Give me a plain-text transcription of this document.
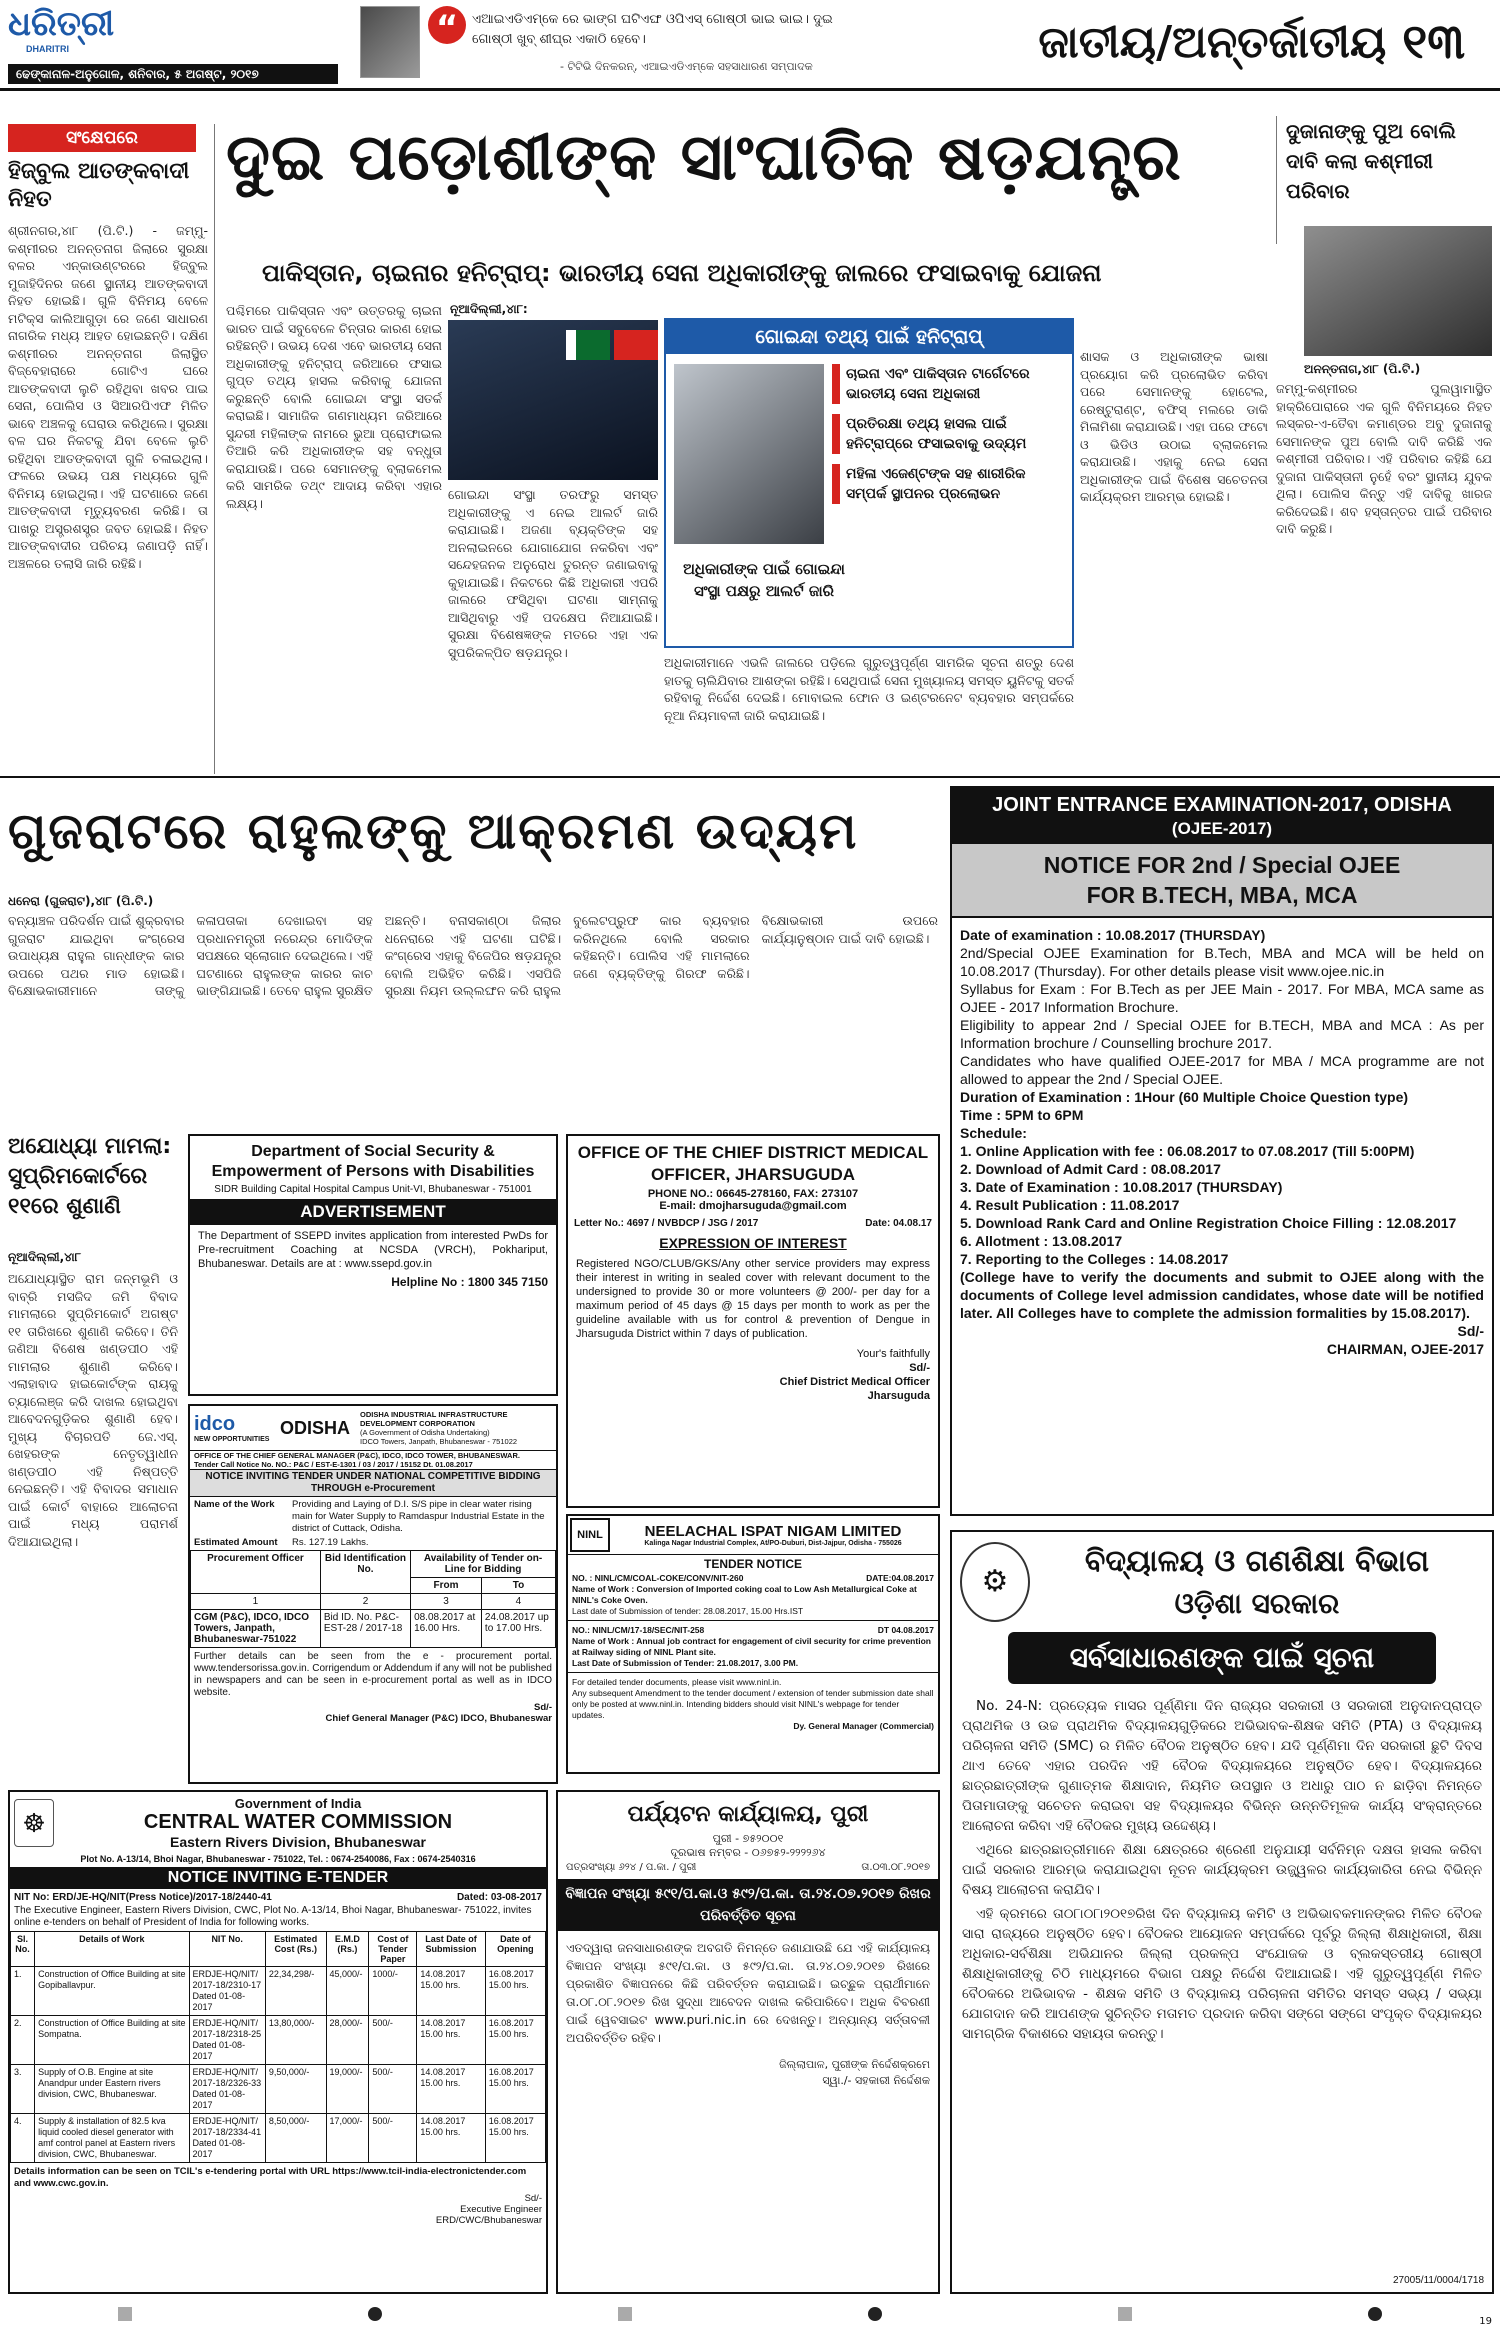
ଧରିତ୍ରୀ
DHARITRI
ଢେଙ୍କାନାଳ-ଅନୁଗୋଳ, ଶନିବାର, ୫ ଅଗଷ୍ଟ, ୨୦୧୭
“	ଏଆଇଏଡିଏମ୍‌କେ ରେ ଭାଙ୍ଗ ଘଟିଏଙ୍ଘ ଓପିଏସ୍ ଗୋଷ୍ଠୀ ଭାଇ ଭାଇ। ଦୁଇ ଗୋଷ୍ଠୀ ଖୁବ୍ ଶୀଘ୍ର ଏକାଠି ହେବେ।
- ଟିଟିଭି ଦିନକରନ୍, ଏଆଇଏଡିଏମ୍‌କେ ସହସାଧାରଣ ସମ୍ପାଦକ	ଜାତୀୟ/ଅନ୍ତର୍ଜାତୀୟ ୧୩
ସଂକ୍ଷେପରେ
ହିଜ୍‌ବୁଲ ଆତଙ୍କବାଦୀ ନିହତ
ଶ୍ରୀନଗର,୪ା୮ (ପି.ଟି.) - ଜମ୍ମୁ-କଶ୍ମୀରର ଅନନ୍ତନାଗ ଜିଲାରେ ସୁରକ୍ଷା ବଳର ଏନ୍‌କାଉଣ୍ଟରରେ ହିଜ୍‌ବୁଲ ମୁଜାହିଦିନର ଜଣେ ସ୍ଥାନୀୟ ଆତଙ୍କବାଦୀ ନିହତ ହୋଇଛି। ଗୁଳି ବିନିମୟ ବେଳେ ମଟିକ୍ସ କାଲିଆଗୁଡ଼ା ରେ ଜଣେ ସାଧାରଣ ନାଗରିକ ମଧ୍ୟ ଆହତ ହୋଇଛନ୍ତି। ଦକ୍ଷିଣ କଶ୍ମୀରର ଅନନ୍ତନାଗ ଜିଲାସ୍ଥିତ ବିଜ୍‌ବେହାରାରେ ଗୋଟିଏ ଘରେ ଆତଙ୍କବାଦୀ ଲୁଚି ରହିଥିବା ଖବର ପାଇ ସେନା, ପୋଲିସ ଓ ସିଆରପିଏଫ ମିଳିତ ଭାବେ ଅଞ୍ଚଳକୁ ଘେରାଉ କରିଥିଲେ। ସୁରକ୍ଷା ବଳ ଘର ନିକଟକୁ ଯିବା ବେଳେ ଲୁଚି ରହିଥିବା ଆତଙ୍କବାଦୀ ଗୁଳି ଚଳାଇଥିଲା। ଫଳରେ ଉଭୟ ପକ୍ଷ ମଧ୍ୟରେ ଗୁଳି ବିନିମୟ ହୋଇଥିଲା। ଏହି ଘଟଣାରେ ଜଣେ ଆତଙ୍କବାଦୀ ମୃତ୍ୟୁବରଣ କରିଛି। ତା ପାଖରୁ ଅସ୍ତ୍ରଶସ୍ତ୍ର ଜବତ ହୋଇଛି। ନିହତ ଆତଙ୍କବାଦୀର ପରିଚୟ ଜଣାପଡ଼ି ନାହିଁ। ଅଞ୍ଚଳରେ ତଲାସି ଜାରି ରହିଛି।
ଦୁଇ ପଡ଼ୋଶୀଙ୍କ ସାଂଘାତିକ ଷଡ଼ଯନ୍ତ୍ର
ପାକିସ୍ତାନ, ଚାଇନାର ହନିଟ୍ରାପ୍: ଭାରତୀୟ ସେନା ଅଧିକାରୀଙ୍କୁ ଜାଲରେ ଫସାଇବାକୁ ଯୋଜନା
ନୂଆଦିଲ୍ଲୀ,୪ା୮:
ପଶ୍ଚିମରେ ପାକିସ୍ତାନ ଏବଂ ଉତ୍ତରକୁ ଚାଇନା ଭାରତ ପାଇଁ ସବୁବେଳେ ଚିନ୍ତାର କାରଣ ହୋଇ ରହିଛନ୍ତି। ଉଭୟ ଦେଶ ଏବେ ଭାରତୀୟ ସେନା ଅଧିକାରୀଙ୍କୁ ହନିଟ୍ରାପ୍ ଜରିଆରେ ଫସାଇ ଗୁପ୍ତ ତଥ୍ୟ ହାସଲ କରିବାକୁ ଯୋଜନା କରୁଛନ୍ତି ବୋଲି ଗୋଇନ୍ଦା ସଂସ୍ଥା ସତର୍କ କରାଇଛି। ସାମାଜିକ ଗଣମାଧ୍ୟମ ଜରିଆରେ ସୁନ୍ଦରୀ ମହିଳାଙ୍କ ନାମରେ ଭୁଆ ପ୍ରୋଫାଇଲ ତିଆରି କରି ଅଧିକାରୀଙ୍କ ସହ ବନ୍ଧୁତା କରାଯାଉଛି। ପରେ ସେମାନଙ୍କୁ ବ୍ଲାକମେଲ କରି ସାମରିକ ତଥ୍୯ ଆଦାୟ କରିବା ଏହାର ଲକ୍ଷ୍ୟ।
ଗୋଇନ୍ଦା ସଂସ୍ଥା ତରଫରୁ ସମସ୍ତ ଅଧିକାରୀଙ୍କୁ ଏ ନେଇ ଆଲର୍ଟ ଜାରି କରାଯାଇଛି। ଅଜଣା ବ୍ୟକ୍ତିଙ୍କ ସହ ଅନଲାଇନରେ ଯୋଗାଯୋଗ ନକରିବା ଏବଂ ସନ୍ଦେହଜନକ ଅନୁରୋଧ ତୁରନ୍ତ ଜଣାଇବାକୁ କୁହାଯାଇଛି। ନିକଟରେ କିଛି ଅଧିକାରୀ ଏପରି ଜାଲରେ ଫସିଥିବା ଘଟଣା ସାମ୍ନାକୁ ଆସିଥିବାରୁ ଏହି ପଦକ୍ଷେପ ନିଆଯାଇଛି। ସୁରକ୍ଷା ବିଶେଷଜ୍ଞଙ୍କ ମତରେ ଏହା ଏକ ସୁପରିକଳ୍ପିତ ଷଡ଼ଯନ୍ତ୍ର।
ଅଧିକାରୀମାନେ ଏଭଳି ଜାଲରେ ପଡ଼ିଲେ ଗୁରୁତ୍ୱପୂର୍ଣ୍ଣ ସାମରିକ ସୂଚନା ଶତ୍ରୁ ଦେଶ ହାତକୁ ଚାଲିଯିବାର ଆଶଙ୍କା ରହିଛି। ସେଥିପାଇଁ ସେନା ମୁଖ୍ୟାଳୟ ସମସ୍ତ ୟୁନିଟକୁ ସତର୍କ ରହିବାକୁ ନିର୍ଦ୍ଦେଶ ଦେଇଛି। ମୋବାଇଲ ଫୋନ ଓ ଇଣ୍ଟରନେଟ ବ୍ୟବହାର ସମ୍ପର୍କରେ ନୂଆ ନିୟମାବଳୀ ଜାରି କରାଯାଇଛି।
ଗୋଇନ୍ଦା ତଥ୍ୟ ପାଇଁ ହନିଟ୍ରାପ୍
ଚାଇନା ଏବଂ ପାକିସ୍ତାନ ଟାର୍ଗେଟରେ ଭାରତୀୟ ସେନା ଅଧିକାରୀ
ପ୍ରତିରକ୍ଷା ତଥ୍ୟ ହାସଲ ପାଇଁ ହନିଟ୍ରାପ୍‌ରେ ଫସାଇବାକୁ ଉଦ୍ୟମ
ମହିଳା ଏଜେଣ୍ଟଙ୍କ ସହ ଶାରୀରିକ ସମ୍ପର୍କ ସ୍ଥାପନର ପ୍ରଲୋଭନ
ଅଧିକାରୀଙ୍କ ପାଇଁ ଗୋଇନ୍ଦା ସଂସ୍ଥା ପକ୍ଷରୁ ଆଲର୍ଟ ଜାରି
ଶାସକ ଓ ଅଧିକାରୀଙ୍କ ଭାଷା ପ୍ରୟୋଗ କରି ପ୍ରଲୋଭିତ କରିବା ପରେ ସେମାନଙ୍କୁ ହୋଟେଲ, ରେଷ୍ଟୁରାଣ୍ଟ, ବଫିସ୍ ମଲରେ ଡାକି ମିଳାମିଶା କରାଯାଉଛି। ଏହା ପରେ ଫଟୋ ଓ ଭିଡିଓ ଉଠାଇ ବ୍ଲାକମେଲ କରାଯାଉଛି। ଏହାକୁ ନେଇ ସେନା ଅଧିକାରୀଙ୍କ ପାଇଁ ବିଶେଷ ସଚେତନତା କାର୍ଯ୍ୟକ୍ରମ ଆରମ୍ଭ ହୋଇଛି।
ଦୁଜାନାଙ୍କୁ ପୁଅ ବୋଲି ଦାବି କଲା କଶ୍ମୀରୀ ପରିବାର
ଅନନ୍ତନାଗ,୪ା୮ (ପି.ଟି.)
ଜମ୍ମୁ-କଶ୍ମୀରର ପୁଲୱାମାସ୍ଥିତ ହାକ୍ରିପୋରାରେ ଏକ ଗୁଳି ବିନିମୟରେ ନିହତ ଲସ୍କର-ଏ-ତୈବା କମାଣ୍ଡର ଅବୁ ଦୁଜାନାକୁ ସେମାନଙ୍କ ପୁଅ ବୋଲି ଦାବି କରିଛି ଏକ କଶ୍ମୀରୀ ପରିବାର। ଏହି ପରିବାର କହିଛି ଯେ ଦୁଜାନା ପାକିସ୍ତାନୀ ନୁହେଁ ବରଂ ସ୍ଥାନୀୟ ଯୁବକ ଥିଲା। ପୋଲିସ କିନ୍ତୁ ଏହି ଦାବିକୁ ଖାରଜ କରିଦେଇଛି। ଶବ ହସ୍ତାନ୍ତର ପାଇଁ ପରିବାର ଦାବି କରୁଛି।
ଗୁଜରାଟରେ ରାହୁଲଙ୍କୁ ଆକ୍ରମଣ ଉଦ୍ୟମ
ଧନେରା (ଗୁଜରାଟ),୪ା୮ (ପି.ଟି.)
ବନ୍ୟାଞ୍ଚଳ ପରିଦର୍ଶନ ପାଇଁ ଶୁକ୍ରବାର ଗୁଜରାଟ ଯାଇଥିବା କଂଗ୍ରେସ ଉପାଧ୍ୟକ୍ଷ ରାହୁଲ ଗାନ୍ଧୀଙ୍କ କାର ଉପରେ ପଥର ମାଡ ହୋଇଛି। ବିକ୍ଷୋଭକାରୀମାନେ ତାଙ୍କୁ କଳାପତାକା ଦେଖାଇବା ସହ ପ୍ରଧାନମନ୍ତ୍ରୀ ନରେନ୍ଦ୍ର ମୋଦିଙ୍କ ସପକ୍ଷରେ ସ୍ଲୋଗାନ ଦେଇଥିଲେ। ଏହି ଘଟଣାରେ ରାହୁଲଙ୍କ କାରର କାଚ ଭାଙ୍ଗିଯାଇଛି। ତେବେ ରାହୁଲ ସୁରକ୍ଷିତ ଅଛନ୍ତି। ବନାସକାଣ୍ଠା ଜିଲାର ଧନେରାରେ ଏହି ଘଟଣା ଘଟିଛି। କଂଗ୍ରେସ ଏହାକୁ ବିଜେପିର ଷଡ଼ଯନ୍ତ୍ର ବୋଲି ଅଭିହିତ କରିଛି। ଏସପିଜି ସୁରକ୍ଷା ନିୟମ ଉଲ୍ଲଙ୍ଘନ କରି ରାହୁଲ ବୁଲେଟପ୍ରୁଫ କାର ବ୍ୟବହାର କରିନଥିଲେ ବୋଲି ସରକାର କହିଛନ୍ତି। ପୋଲିସ ଏହି ମାମଲାରେ ଜଣେ ବ୍ୟକ୍ତିଙ୍କୁ ଗିରଫ କରିଛି। ବିକ୍ଷୋଭକାରୀ ଉପରେ କାର୍ଯ୍ୟାନୁଷ୍ଠାନ ପାଇଁ ଦାବି ହୋଇଛି।
ଅଯୋଧ୍ୟା ମାମଲା: ସୁପ୍ରିମକୋର୍ଟରେ ୧୧ରେ ଶୁଣାଣି
ନୂଆଦିଲ୍ଲୀ,୪ା୮
ଅଯୋଧ୍ୟାସ୍ଥିତ ରାମ ଜନ୍ମଭୂମି ଓ ବାବ୍ରି ମସଜିଦ ଜମି ବିବାଦ ମାମଲାରେ ସୁପ୍ରିମକୋର୍ଟ ଅଗଷ୍ଟ ୧୧ ତାରିଖରେ ଶୁଣାଣି କରିବେ। ତିନି ଜଣିଆ ବିଶେଷ ଖଣ୍ଡପୀଠ ଏହି ମାମଲାର ଶୁଣାଣି କରିବେ। ଏଲାହାବାଦ ହାଇକୋର୍ଟଙ୍କ ରାୟକୁ ଚ୍ୟାଲେଞ୍ଜ କରି ଦାଖଲ ହୋଇଥିବା ଆବେଦନଗୁଡ଼ିକର ଶୁଣାଣି ହେବ। ମୁଖ୍ୟ ବିଚାରପତି ଜେ.ଏସ୍. ଖେହରଙ୍କ ନେତୃତ୍ୱାଧୀନ ଖଣ୍ଡପୀଠ ଏହି ନିଷ୍ପତ୍ତି ନେଇଛନ୍ତି। ଏହି ବିବାଦର ସମାଧାନ ପାଇଁ କୋର୍ଟ ବାହାରେ ଆଲୋଚନା ପାଇଁ ମଧ୍ୟ ପରାମର୍ଶ ଦିଆଯାଇଥିଲା।
Department of Social Security & Empowerment of Persons with Disabilities
SIDR Building Capital Hospital Campus Unit-VI, Bhubaneswar - 751001
ADVERTISEMENT
The Department of SSEPD invites application from interested PwDs for Pre-recruitment Coaching at NCSDA (VRCH), Pokhariput, Bhubaneswar. Details are at : www.ssepd.gov.in
Helpline No : 1800 345 7150
OFFICE OF THE CHIEF DISTRICT MEDICAL OFFICER, JHARSUGUDA
PHONE NO.: 06645-278160, FAX: 273107
E-mail: dmojharsuguda@gmail.com
Letter No.: 4697 / NVBDCP / JSG / 2017	Date: 04.08.17
EXPRESSION OF INTEREST
Registered NGO/CLUB/GKS/Any other service providers may express their interest in writing in sealed cover with relevant document to the undersigned to provide 30 or more volunteers @ 200/- per day for a maximum period of 45 days @ 15 days per month to work as per the guideline available with us for control & prevention of Dengue in Jharsuguda District within 7 days of publication.
Your's faithfully
Sd/-
Chief District Medical Officer
Jharsuguda
idco
NEW OPPORTUNITIES
ODISHA
ODISHA INDUSTRIAL INFRASTRUCTURE DEVELOPMENT CORPORATION
(A Government of Odisha Undertaking)
IDCO Towers, Janpath, Bhubaneswar - 751022
OFFICE OF THE CHIEF GENERAL MANAGER (P&C), IDCO, IDCO TOWER, BHUBANESWAR.
Tender Call Notice No. NO.: P&C / EST-E-1301 / 03 / 2017 / 15152 Dt. 01.08.2017
NOTICE INVITING TENDER UNDER NATIONAL COMPETITIVE BIDDING THROUGH e-Procurement
Name of the Work	Providing and Laying of D.I. S/S pipe in clear water rising main for Water Supply to Ramdaspur Industrial Estate in the district of Cuttack, Odisha.
Estimated Amount	Rs. 127.19 Lakhs.
Procurement Officer	Bid Identification No.	Availability of Tender on-Line for Bidding	
		From	To
1	2	3	4
CGM (P&C), IDCO, IDCO Towers, Janpath, Bhubaneswar-751022	Bid ID. No. P&C-EST-28 / 2017-18	08.08.2017 at 16.00 Hrs.	24.08.2017 up to 17.00 Hrs.
Further details can be seen from the e - procurement portal. www.tendersorissa.gov.in. Corrigendum or Addendum if any will not be published in newspapers and can be seen in e-procurement portal as well as in IDCO website.
Sd/-
Chief General Manager (P&C) IDCO, Bhubaneswar
NINL	NEELACHAL ISPAT NIGAM LIMITED
Kalinga Nagar Industrial Complex, At/PO-Duburi, Dist-Jajpur, Odisha - 755026
TENDER NOTICE
NO. : NINL/CM/COAL-COKE/CONV/NIT-260	DATE:04.08.2017
Name of Work : Conversion of Imported coking coal to Low Ash Metallurgical Coke at NINL's Coke Oven.
Last date of Submission of tender: 28.08.2017, 15.00 Hrs.IST
NO.: NINL/CM/17-18/SEC/NIT-258	DT 04.08.2017
Name of Work : Annual job contract for engagement of civil security for crime prevention at Railway siding of NINL Plant site.
Last Date of Submission of Tender: 21.08.2017, 3.00 PM.
For detailed tender documents, please visit www.ninl.in.
Any subsequent Amendment to the tender document / extension of tender submission date shall only be posted at www.ninl.in. Intending bidders should visit NINL's webpage for tender updates.
Dy. General Manager (Commercial)
JOINT ENTRANCE EXAMINATION-2017, ODISHA
(OJEE-2017)
NOTICE FOR 2nd / Special OJEE
FOR B.TECH, MBA, MCA
Date of examination : 10.08.2017 (THURSDAY)
2nd/Special OJEE Examination for B.Tech, MBA and MCA will be held on 10.08.2017 (Thursday). For other details please visit www.ojee.nic.in
Syllabus for Exam : For B.Tech as per JEE Main - 2017. For MBA, MCA same as OJEE - 2017 Information Brochure.
Eligibility to appear 2nd / Special OJEE for B.TECH, MBA and MCA : As per Information brochure / Counselling brochure 2017.
Candidates who have qualified OJEE-2017 for MBA / MCA programme are not allowed to appear the 2nd / Special OJEE.
Duration of Examination : 1Hour (60 Multiple Choice Question type)
Time : 5PM to 6PM
Schedule:
1. Online Application with fee : 06.08.2017 to 07.08.2017 (Till 5:00PM)
2. Download of Admit Card : 08.08.2017
3. Date of Examination : 10.08.2017 (THURSDAY)
4. Result Publication : 11.08.2017
5. Download Rank Card and Online Registration Choice Filling : 12.08.2017
6. Allotment : 13.08.2017
7. Reporting to the Colleges : 14.08.2017
(College have to verify the documents and submit to OJEE along with the documents of College level admission candidates, whose date will be notified later. All Colleges have to complete the admission formalities by 15.08.2017).
Sd/-
CHAIRMAN, OJEE-2017
☸
Government of India
CENTRAL WATER COMMISSION
Eastern Rivers Division, Bhubaneswar
Plot No. A-13/14, Bhoi Nagar, Bhubaneswar - 751022, Tel. : 0674-2540086, Fax : 0674-2540316
NOTICE INVITING E-TENDER
NIT No: ERD/JE-HQ/NIT(Press Notice)/2017-18/2440-41	Dated: 03-08-2017
The Executive Engineer, Eastern Rivers Division, CWC, Plot No. A-13/14, Bhoi Nagar, Bhubaneswar- 751022, invites online e-tenders on behalf of President of India for following works.
Sl. No.	Details of Work	NIT No.	Estimated Cost (Rs.)	E.M.D (Rs.)	Cost of Tender Paper	Last Date of Submission	Date of Opening
1.	Construction of Office Building at site Gopiballavpur.	ERDJE-HQ/NIT/ 2017-18/2310-17 Dated 01-08-2017	22,34,298/-	45,000/-	1000/-	14.08.2017 15.00 hrs.	16.08.2017 15.00 hrs.
2.	Construction of Office Building at site Sompatna.	ERDJE-HQ/NIT/ 2017-18/2318-25 Dated 01-08-2017	13,80,000/-	28,000/-	500/-	14.08.2017 15.00 hrs.	16.08.2017 15.00 hrs.
3.	Supply of O.B. Engine at site Anandpur under Eastern rivers division, CWC, Bhubaneswar.	ERDJE-HQ/NIT/ 2017-18/2326-33 Dated 01-08-2017	9,50,000/-	19,000/-	500/-	14.08.2017 15.00 hrs.	16.08.2017 15.00 hrs.
4.	Supply & installation of 82.5 kva liquid cooled diesel generator with amf control panel at Eastern rivers division, CWC, Bhubaneswar.	ERDJE-HQ/NIT/ 2017-18/2334-41 Dated 01-08-2017	8,50,000/-	17,000/-	500/-	14.08.2017 15.00 hrs.	16.08.2017 15.00 hrs.
Details information can be seen on TCIL's e-tendering portal with URL https://www.tcil-india-electronictender.com and www.cwc.gov.in.
Sd/-
Executive Engineer
ERD/CWC/Bhubaneswar
ପର୍ଯ୍ୟଟନ କାର୍ଯ୍ୟାଳୟ, ପୁରୀ
ପୁରୀ - ୭୫୨୦୦୧
ଦୂରଭାଷ ନମ୍ବର - ୦୬୭୫୨-୨୨୨୨୬୪
ପତ୍ରସଂଖ୍ୟା ୬୨୪ / ପ.କା. / ପୁରୀ	ତା.୦୩.୦୮.୨୦୧୭
ବିଜ୍ଞାପନ ସଂଖ୍ୟା ୫୯୧/ପ.କା.ଓ ୫୯୨/ପ.କା. ତା.୨୪.୦୭.୨୦୧୭ ରିଖର ପରିବର୍ତ୍ତିତ ସୂଚନା
ଏତଦ୍ୱାରା ଜନସାଧାରଣଙ୍କ ଅବଗତି ନିମନ୍ତେ ଜଣାଯାଉଛି ଯେ ଏହି କାର୍ଯ୍ୟାଳୟ ବିଜ୍ଞାପନ ସଂଖ୍ୟା ୫୯୧/ପ.କା. ଓ ୫୯୨/ପ.କା. ତା.୨୪.୦୭.୨୦୧୭ ରିଖରେ ପ୍ରକାଶିତ ବିଜ୍ଞାପନରେ କିଛି ପରିବର୍ତ୍ତନ କରାଯାଇଛି। ଇଚ୍ଛୁକ ପ୍ରାର୍ଥୀମାନେ ତା.୦୮.୦୮.୨୦୧୭ ରିଖ ସୁଦ୍ଧା ଆବେଦନ ଦାଖଲ କରିପାରିବେ। ଅଧିକ ବିବରଣୀ ପାଇଁ ୱେବସାଇଟ www.puri.nic.in ରେ ଦେଖନ୍ତୁ। ଅନ୍ୟାନ୍ୟ ସର୍ତ୍ତାବଳୀ ଅପରିବର୍ତ୍ତିତ ରହିବ।
ଜିଲ୍ଲାପାଳ, ପୁରୀଙ୍କ ନିର୍ଦ୍ଦେଶକ୍ରମେ
ସ୍ୱା./- ସହକାରୀ ନିର୍ଦ୍ଦେଶକ
⚙
ବିଦ୍ୟାଳୟ ଓ ଗଣଶିକ୍ଷା ବିଭାଗ
ଓଡ଼ିଶା ସରକାର
ସର୍ବସାଧାରଣଙ୍କ ପାଇଁ ସୂଚନା

No. 24-N: ପ୍ରତ୍ୟେକ ମାସର ପୂର୍ଣ୍ଣିମା ଦିନ ରାଜ୍ୟର ସରକାରୀ ଓ ସରକାରୀ ଅନୁଦାନପ୍ରାପ୍ତ ପ୍ରାଥମିକ ଓ ଉଚ୍ଚ ପ୍ରାଥମିକ ବିଦ୍ୟାଳୟଗୁଡ଼ିକରେ ଅଭିଭାବକ-ଶିକ୍ଷକ ସମିତି (PTA) ଓ ବିଦ୍ୟାଳୟ ପରିଚାଳନା ସମିତି (SMC) ର ମିଳିତ ବୈଠକ ଅନୁଷ୍ଠିତ ହେବ। ଯଦି ପୂର୍ଣ୍ଣିମା ଦିନ ସରକାରୀ ଛୁଟି ଦିବସ ଥାଏ ତେବେ ଏହାର ପରଦିନ ଏହି ବୈଠକ ବିଦ୍ୟାଳୟରେ ଅନୁଷ୍ଠିତ ହେବ। ବିଦ୍ୟାଳୟରେ ଛାତ୍ରଛାତ୍ରୀଙ୍କ ଗୁଣାତ୍ମକ ଶିକ୍ଷାଦାନ, ନିୟମିତ ଉପସ୍ଥାନ ଓ ଅଧାରୁ ପାଠ ନ ଛାଡ଼ିବା ନିମନ୍ତେ ପିତାମାତାଙ୍କୁ ସଚେତନ କରାଇବା ସହ ବିଦ୍ୟାଳୟର ବିଭିନ୍ନ ଉନ୍ନତିମୂଳକ କାର୍ଯ୍ୟ ସଂକ୍ରାନ୍ତରେ ଆଲୋଚନା କରିବା ଏହି ବୈଠକର ମୁଖ୍ୟ ଉଦ୍ଦେଶ୍ୟ।

ଏଥିରେ ଛାତ୍ରଛାତ୍ରୀମାନେ ଶିକ୍ଷା କ୍ଷେତ୍ରରେ ଶ୍ରେଣୀ ଅନୁଯାୟୀ ସର୍ବନିମ୍ନ ଦକ୍ଷତା ହାସଲ କରିବା ପାଇଁ ସରକାର ଆରମ୍ଭ କରାଯାଇଥିବା ନୂତନ କାର୍ଯ୍ୟକ୍ରମ ଉଜ୍ଜ୍ୱଳର କାର୍ଯ୍ୟକାରିତା ନେଇ ବିଭିନ୍ନ ବିଷୟ ଆଲୋଚନା କରାଯିବ।

ଏହି କ୍ରମରେ ତା୦୮ା୦୮ା୨୦୧୭ରିଖ ଦିନ ବିଦ୍ୟାଳୟ କମିଟି ଓ ଅଭିଭାବକମାନଙ୍କର ମିଳିତ ବୈଠକ ସାରା ରାଜ୍ୟରେ ଅନୁଷ୍ଠିତ ହେବ। ବୈଠକର ଆୟୋଜନ ସମ୍ପର୍କରେ ପୂର୍ବରୁ ଜିଲ୍ଲା ଶିକ୍ଷାଧିକାରୀ, ଶିକ୍ଷା ଅଧିକାର-ସର୍ବଶିକ୍ଷା ଅଭିଯାନର ଜିଲ୍ଲା ପ୍ରକଳ୍ପ ସଂଯୋଜକ ଓ ବ୍ଲକସ୍ତରୀୟ ଗୋଷ୍ଠୀ ଶିକ୍ଷାଧିକାରୀଙ୍କୁ ଚିଠି ମାଧ୍ୟମରେ ବିଭାଗ ପକ୍ଷରୁ ନିର୍ଦ୍ଦେଶ ଦିଆଯାଇଛି। ଏହି ଗୁରୁତ୍ୱପୂର୍ଣ୍ଣ ମିଳିତ ବୈଠକରେ ଅଭିଭାବକ - ଶିକ୍ଷକ ସମିତି ଓ ବିଦ୍ୟାଳୟ ପରିଚାଳନା ସମିତିର ସମସ୍ତ ସଭ୍ୟ / ସଭ୍ୟା ଯୋଗଦାନ କରି ଆପଣଙ୍କ ସୁଚିନ୍ତିତ ମତାମତ ପ୍ରଦାନ କରିବା ସଙ୍ଗେ ସଙ୍ଗେ ସଂପୃକ୍ତ ବିଦ୍ୟାଳୟର ସାମଗ୍ରିକ ବିକାଶରେ ସହାୟତା କରନ୍ତୁ।

27005/11/0004/1718
19
